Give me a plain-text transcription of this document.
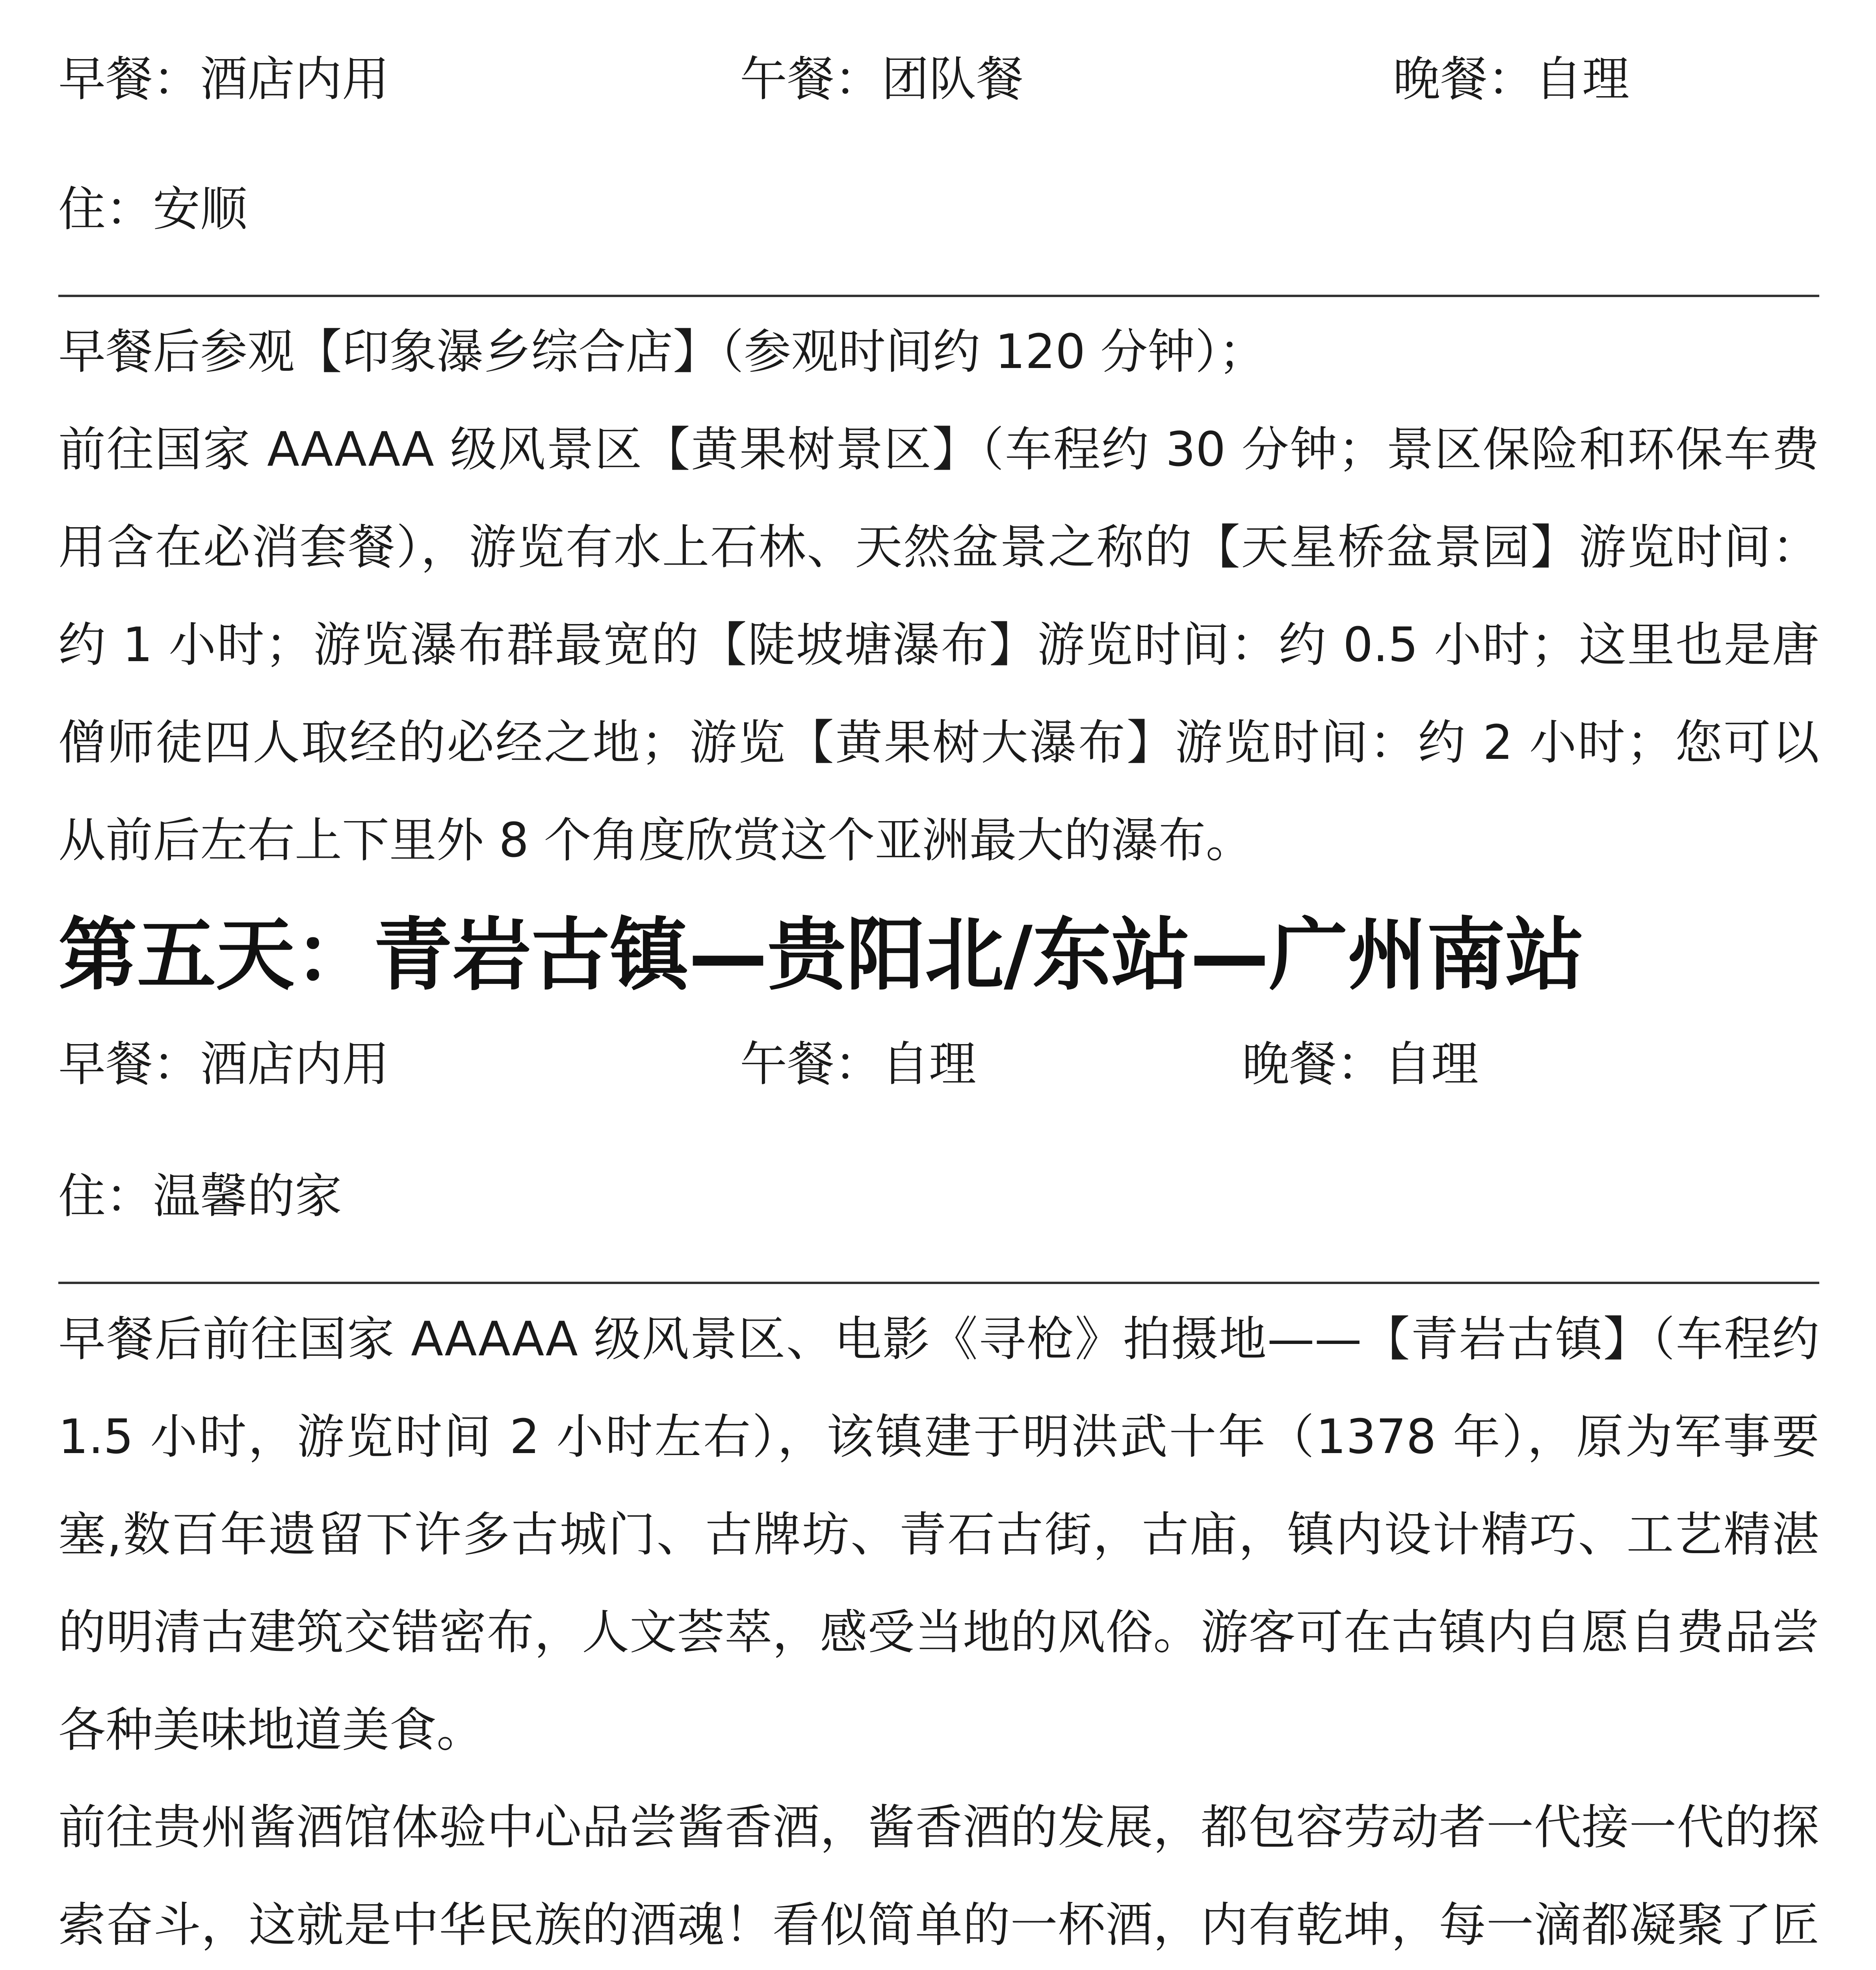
早餐：酒店内用	午餐：团队餐	晚餐：自理
住：安顺
早餐后参观【印象瀑乡综合店】（参观时间约 120 分钟）；
前往国家 AAAAA 级风景区【黄果树景区】（车程约 30 分钟；景区保险和环保车费用含在必消套餐），游览有水上石林、天然盆景之称的【天星桥盆景园】游览时间：约 1 小时；游览瀑布群最宽的【陡坡塘瀑布】游览时间：约 0.5 小时；这里也是唐僧师徒四人取经的必经之地；游览【黄果树大瀑布】游览时间：约 2 小时；您可以从前后左右上下里外 8 个角度欣赏这个亚洲最大的瀑布。
第五天：青岩古镇—贵阳北/东站—广州南站
早餐：酒店内用	午餐：自理	晚餐：自理
住：温馨的家
早餐后前往国家 AAAAA 级风景区、电影《寻枪》拍摄地——【青岩古镇】（车程约 1.5 小时，游览时间 2 小时左右），该镇建于明洪武十年（1378 年），原为军事要塞,数百年遗留下许多古城门、古牌坊、青石古街，古庙，镇内设计精巧、工艺精湛的明清古建筑交错密布，人文荟萃，感受当地的风俗。游客可在古镇内自愿自费品尝各种美味地道美食。
前往贵州酱酒馆体验中心品尝酱香酒，酱香酒的发展，都包容劳动者一代接一代的探索奋斗，这就是中华民族的酒魂！看似简单的一杯酒，内有乾坤，每一滴都凝聚了匠
